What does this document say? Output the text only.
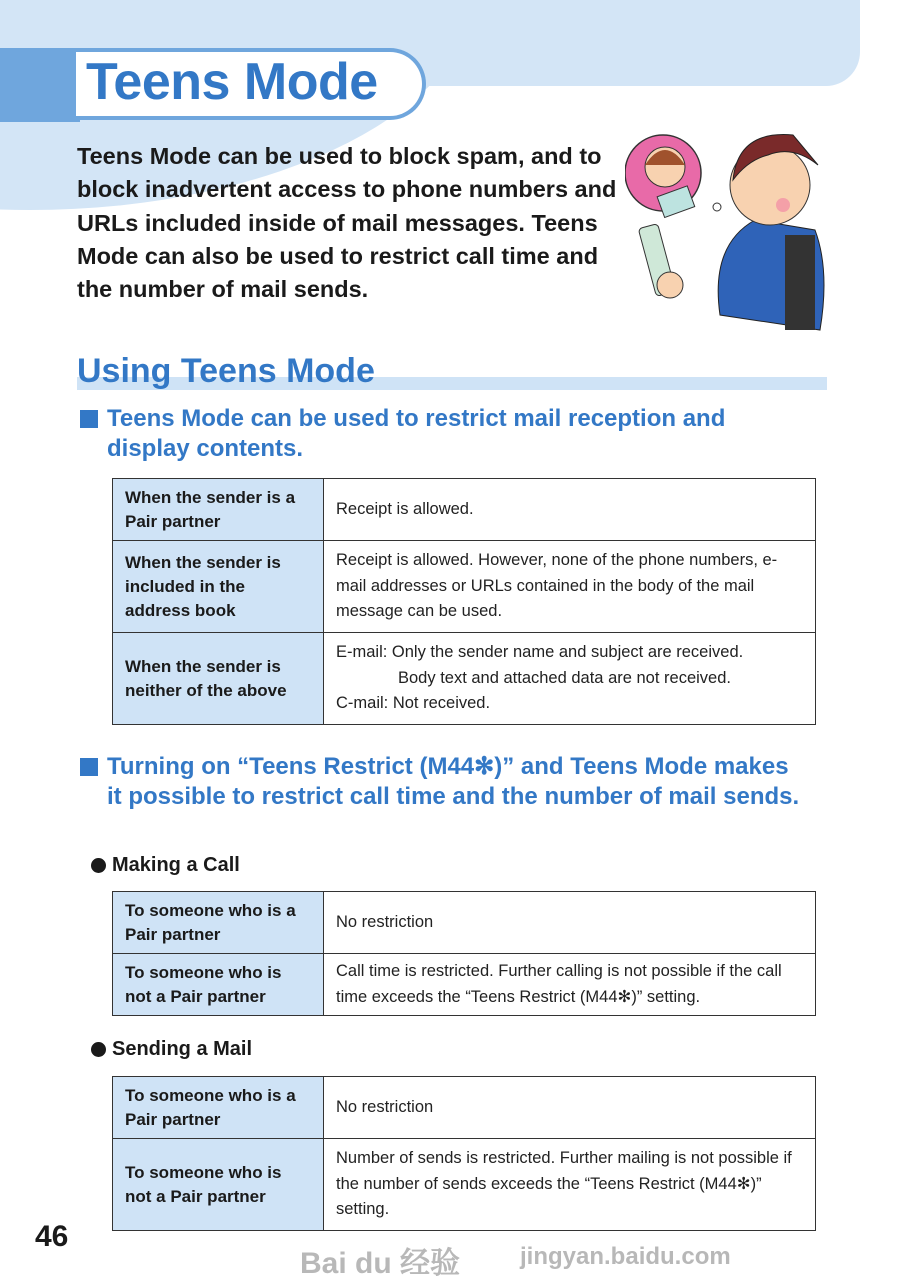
Teens Mode
Teens Mode can be used to block spam, and to block inadvertent access to phone numbers and URLs included inside of mail messages. Teens Mode can also be used to restrict call time and the number of mail sends.
Using Teens Mode
Teens Mode can be used to restrict mail reception and display contents.
When the sender is a Pair partner	Receipt is allowed.
When the sender is included in the address book	Receipt is allowed. However, none of the phone numbers, e-mail addresses or URLs contained in the body of the mail message can be used.
When the sender is neither of the above	E-mail: Only the sender name and subject are received.
Body text and attached data are not received.
C-mail: Not received.
Turning on “Teens Restrict (M44✻)” and Teens Mode makes it possible to restrict call time and the number of mail sends.
Making a Call
To someone who is a Pair partner	No restriction
To someone who is not a Pair partner	Call time is restricted. Further calling is not possible if the call time exceeds the “Teens Restrict (M44✻)” setting.
Sending a Mail
To someone who is a Pair partner	No restriction
To someone who is not a Pair partner	Number of sends is restricted. Further mailing is not possible if the number of sends exceeds the “Teens Restrict (M44✻)” setting.
46
Bai du 经验 jingyan.baidu.com
